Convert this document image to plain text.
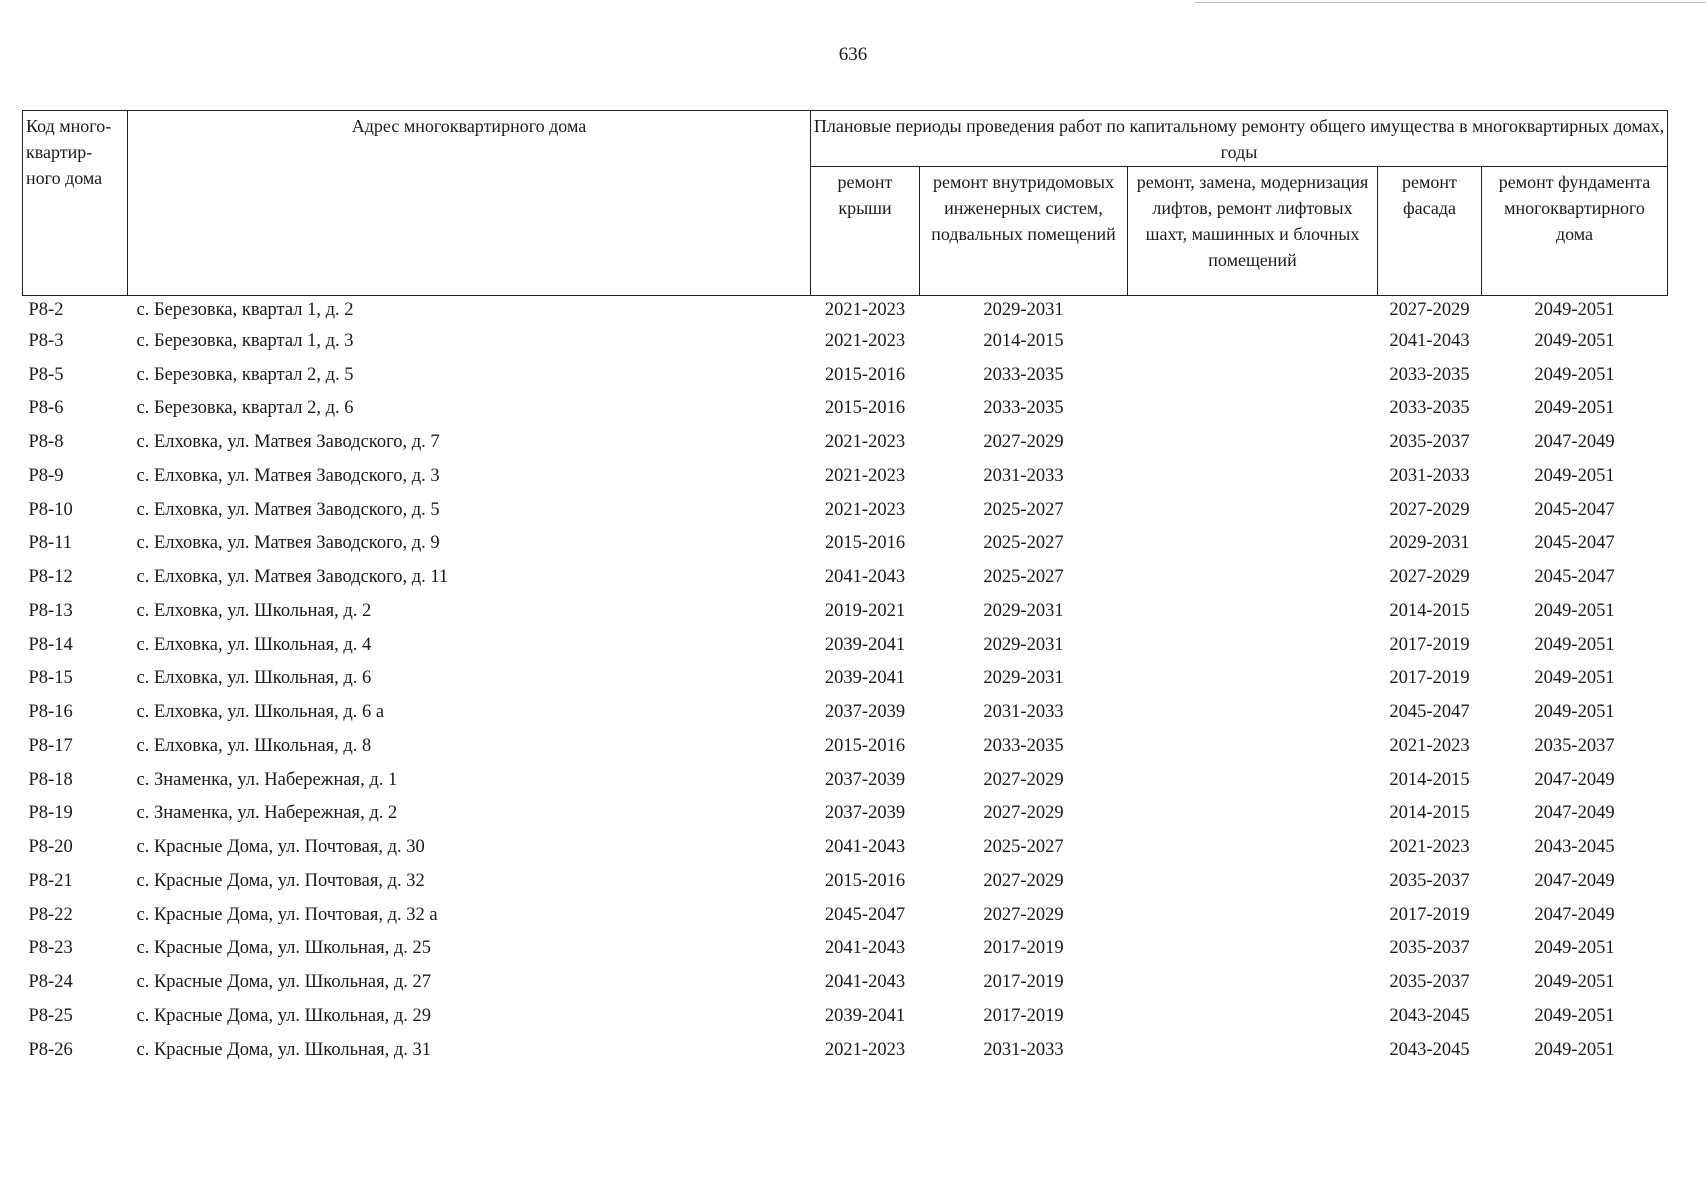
636
Код много-квартир-ного дома	Адрес многоквартирного дома	Плановые периоды проведения работ по капитальному ремонту общего имущества в многоквартирных домах, годы				
		ремонт крыши	ремонт внутридомовых инженерных систем, подвальных помещений	ремонт, замена, модернизация лифтов, ремонт лифтовых шахт, машинных и блочных помещений	ремонт фасада	ремонт фундамента многоквартирного дома
Р8-2	с. Березовка, квартал 1, д. 2	2021-2023	2029-2031		2027-2029	2049-2051
Р8-3	с. Березовка, квартал 1, д. 3	2021-2023	2014-2015		2041-2043	2049-2051
Р8-5	с. Березовка, квартал 2, д. 5	2015-2016	2033-2035		2033-2035	2049-2051
Р8-6	с. Березовка, квартал 2, д. 6	2015-2016	2033-2035		2033-2035	2049-2051
Р8-8	с. Елховка, ул. Матвея Заводского, д. 7	2021-2023	2027-2029		2035-2037	2047-2049
Р8-9	с. Елховка, ул. Матвея Заводского, д. 3	2021-2023	2031-2033		2031-2033	2049-2051
Р8-10	с. Елховка, ул. Матвея Заводского, д. 5	2021-2023	2025-2027		2027-2029	2045-2047
Р8-11	с. Елховка, ул. Матвея Заводского, д. 9	2015-2016	2025-2027		2029-2031	2045-2047
Р8-12	с. Елховка, ул. Матвея Заводского, д. 11	2041-2043	2025-2027		2027-2029	2045-2047
Р8-13	с. Елховка, ул. Школьная, д. 2	2019-2021	2029-2031		2014-2015	2049-2051
Р8-14	с. Елховка, ул. Школьная, д. 4	2039-2041	2029-2031		2017-2019	2049-2051
Р8-15	с. Елховка, ул. Школьная, д. 6	2039-2041	2029-2031		2017-2019	2049-2051
Р8-16	с. Елховка, ул. Школьная, д. 6 а	2037-2039	2031-2033		2045-2047	2049-2051
Р8-17	с. Елховка, ул. Школьная, д. 8	2015-2016	2033-2035		2021-2023	2035-2037
Р8-18	с. Знаменка, ул. Набережная, д. 1	2037-2039	2027-2029		2014-2015	2047-2049
Р8-19	с. Знаменка, ул. Набережная, д. 2	2037-2039	2027-2029		2014-2015	2047-2049
Р8-20	с. Красные Дома, ул. Почтовая, д. 30	2041-2043	2025-2027		2021-2023	2043-2045
Р8-21	с. Красные Дома, ул. Почтовая, д. 32	2015-2016	2027-2029		2035-2037	2047-2049
Р8-22	с. Красные Дома, ул. Почтовая, д. 32 а	2045-2047	2027-2029		2017-2019	2047-2049
Р8-23	с. Красные Дома, ул. Школьная, д. 25	2041-2043	2017-2019		2035-2037	2049-2051
Р8-24	с. Красные Дома, ул. Школьная, д. 27	2041-2043	2017-2019		2035-2037	2049-2051
Р8-25	с. Красные Дома, ул. Школьная, д. 29	2039-2041	2017-2019		2043-2045	2049-2051
Р8-26	с. Красные Дома, ул. Школьная, д. 31	2021-2023	2031-2033		2043-2045	2049-2051
